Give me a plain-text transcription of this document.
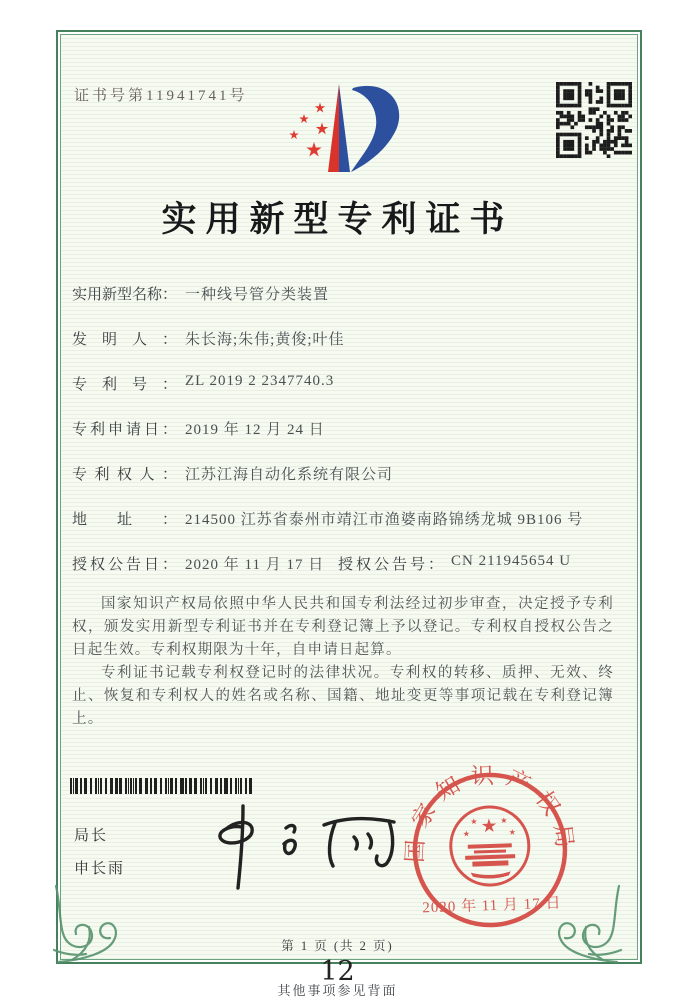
证书号第11941741号
实用新型专利证书
实用新型名称： 一种线号管分类装置
发明人： 朱长海;朱伟;黄俊;叶佳
专利号： ZL 2019 2 2347740.3
专利申请日： 2019 年 12 月 24 日
专利权人： 江苏江海自动化系统有限公司
地址： 214500 江苏省泰州市靖江市渔婆南路锦绣龙城 9B106 号
授权公告日： 2020 年 11 月 17 日 授权公告号： CN 211945654 U

国家知识产权局依照中华人民共和国专利法经过初步审查，决定授予专利权，颁发实用新型专利证书并在专利登记簿上予以登记。专利权自授权公告之日起生效。专利权期限为十年，自申请日起算。

专利证书记载专利权登记时的法律状况。专利权的转移、质押、无效、终止、恢复和专利权人的姓名或名称、国籍、地址变更等事项记载在专利登记簿上。

局长
申长雨
国家知识产权局
2020 年 11 月 17 日
第 1 页 (共 2 页)
12
其他事项参见背面
